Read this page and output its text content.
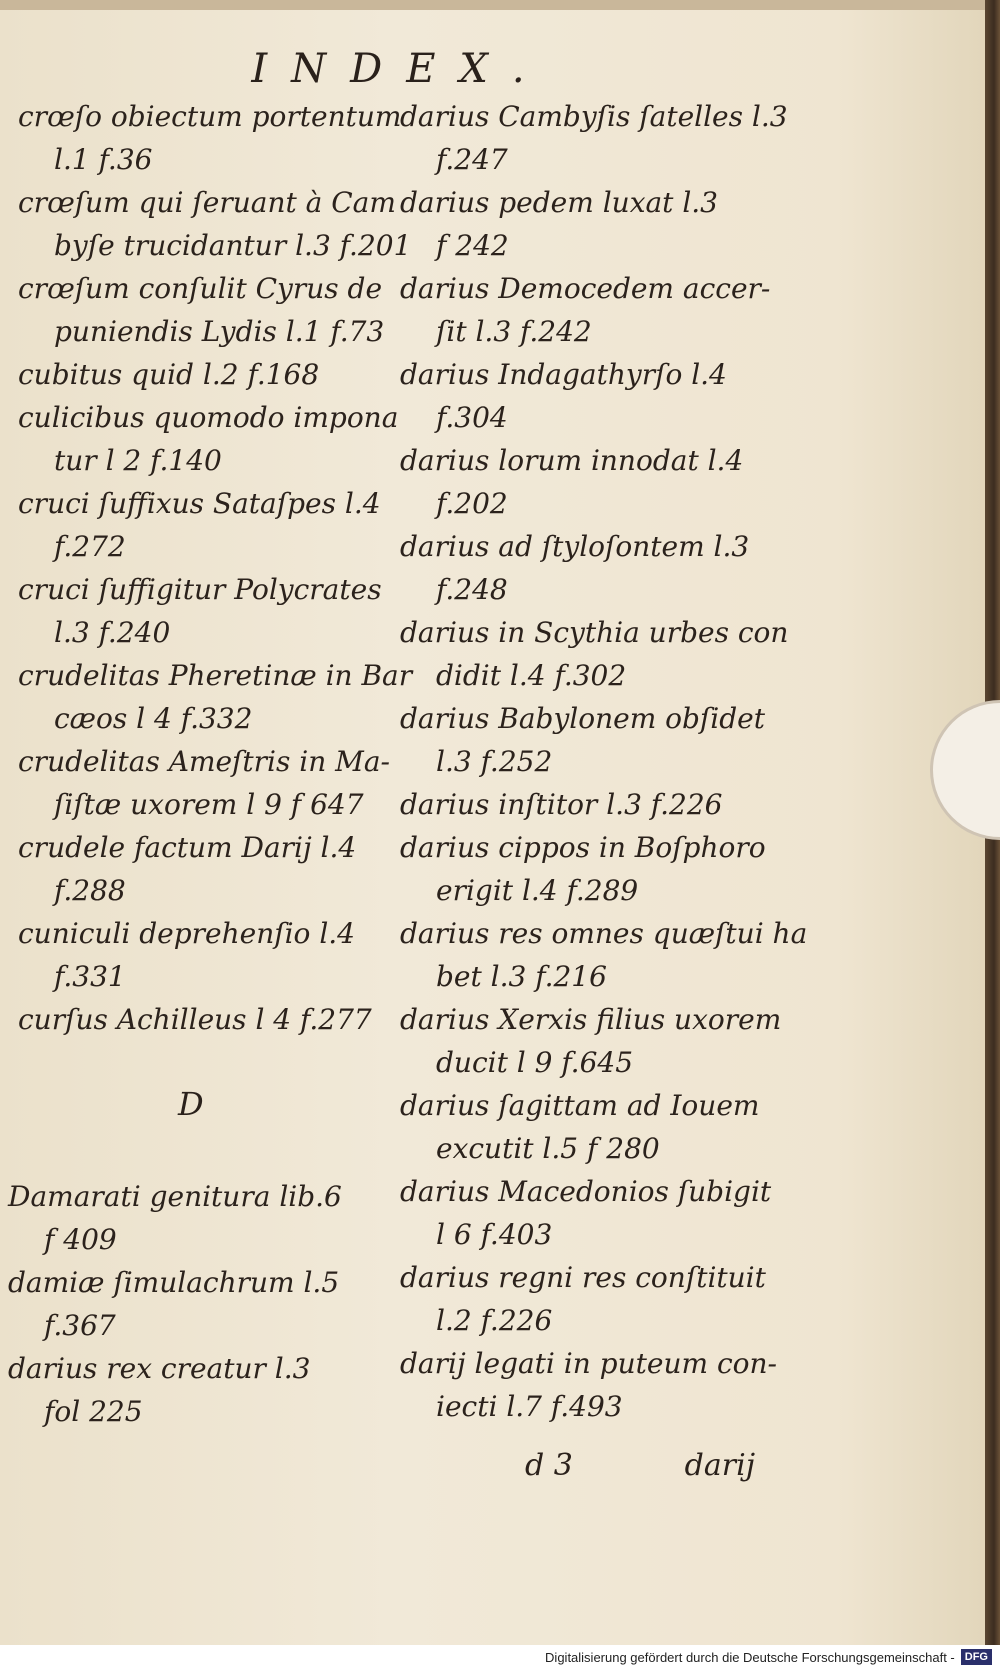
INDEX.
crœſo obiectum portentum
l.1 f.36
crœſum qui ſeruant à Cam
byſe trucidantur l.3 f.201
crœſum conſulit Cyrus de
puniendis Lydis l.1 f.73
cubitus quid l.2 f.168
culicibus quomodo impona
tur l 2 f.140
cruci ſuffixus Sataſpes l.4
f.272
cruci ſuffigitur Polycrates
l.3 f.240
crudelitas Pheretinæ in Bar
cæos l 4 f.332
crudelitas Ameſtris in Ma-
ſiſtæ uxorem l 9 f 647
crudele factum Darij l.4
f.288
cuniculi deprehenſio l.4
f.331
curſus Achilleus l 4 f.277
D
Damarati genitura lib.6
f 409
damiæ ſimulachrum l.5
f.367
darius rex creatur l.3
fol 225
darius Cambyſis ſatelles l.3
f.247
darius pedem luxat l.3
f 242
darius Democedem accer-
ſit l.3 f.242
darius Indagathyrſo l.4
f.304
darius lorum innodat l.4
f.202
darius ad ſtyloſontem l.3
f.248
darius in Scythia urbes con
didit l.4 f.302
darius Babylonem obſidet
l.3 f.252
darius inſtitor l.3 f.226
darius cippos in Boſphoro
erigit l.4 f.289
darius res omnes quæſtui ha
bet l.3 f.216
darius Xerxis filius uxorem
ducit l 9 f.645
darius ſagittam ad Iouem
excutit l.5 f 280
darius Macedonios ſubigit
l 6 f.403
darius regni res conſtituit
l.2 f.226
darij legati in puteum con-
iecti l.7 f.493
d 3	darij
Digitalisierung gefördert durch die Deutsche Forschungsgemeinschaft - DFG
